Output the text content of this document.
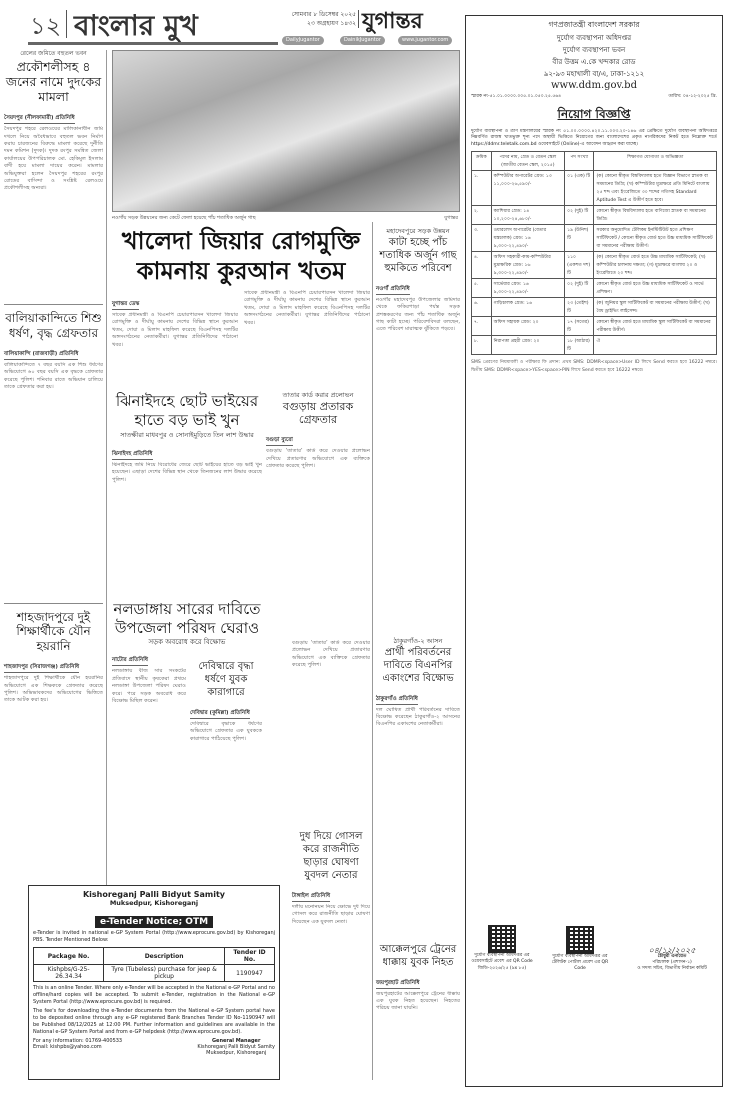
১২ বাংলার মুখ	সোমবার ৮ ডিসেম্বর ২০২৫
২৩ অগ্রহায়ণ ১৪৩২ যুগান্তর
DailyJugantor	DainikJugantor	www.jugantor.com
রেলের জমিতে বহুতল ভবন
প্রকৌশলীসহ ৪ জনের নামে দুদকের মামলা
সৈয়দপুর (নীলফামারী) প্রতিনিধি
সৈয়দপুর শহরে রেলওয়ের মালিকানাধীন জমি দখলে নিয়ে অবৈধভাবে বহুতল ভবন নির্মাণ করায় চারজনের বিরুদ্ধে মামলা করেছে দুর্নীতি দমন কমিশন (দুদক)। দুদক রংপুর সমন্বিত জেলা কার্যালয়ের উপপরিচালক মো. হেকিমুল ইসলাম বাদী হয়ে মামলা দায়ের করেন। মামলার অভিযুক্তরা হলেন সৈয়দপুর শহরের রংপুর রোডের বাসিন্দা ও সংশ্লিষ্ট রেলওয়ে প্রকৌশলীসহ অন্যরা।
বালিয়াকান্দিতে শিশু ধর্ষণ, বৃদ্ধ গ্রেফতার
বালিয়াকান্দি (রাজবাড়ী) প্রতিনিধি
বালিয়াকান্দিতে ৭ বছর বয়সি এক শিশু ধর্ষণের অভিযোগে ৬০ বছর বয়সি এক বৃদ্ধকে গ্রেফতার করেছে পুলিশ। শনিবার রাতে অভিযান চালিয়ে তাকে গ্রেফতার করা হয়।
শাহজাদপুরে দুই শিক্ষার্থীকে যৌন হয়রানি
শাহজাদপুর (সিরাজগঞ্জ) প্রতিনিধি
শাহজাদপুরে দুই শিক্ষার্থীকে যৌন হয়রানির অভিযোগে এক শিক্ষককে গ্রেফতার করেছে পুলিশ। অভিভাবকদের অভিযোগের ভিত্তিতে তাকে আটক করা হয়।
নওগাঁয় সড়ক উন্নয়নের জন্য কেটে ফেলা হয়েছে পাঁচ শতাধিক অর্জুন গাছ	যুগান্তর
খালেদা জিয়ার রোগমুক্তি কামনায় কুরআন খতম
যুগান্তর ডেস্ক
সাবেক প্রধানমন্ত্রী ও বিএনপি চেয়ারপারসন খালেদা জিয়ার রোগমুক্তি ও দীর্ঘায়ু কামনায় দেশের বিভিন্ন স্থানে কুরআন খতম, দোয়া ও মিলাদ মাহফিল করেছে বিএনপিসহ দলটির অঙ্গসংগঠনের নেতাকর্মীরা। যুগান্তর প্রতিনিধিদের পাঠানো খবর।
সাবেক প্রধানমন্ত্রী ও বিএনপি চেয়ারপারসন খালেদা জিয়ার রোগমুক্তি ও দীর্ঘায়ু কামনায় দেশের বিভিন্ন স্থানে কুরআন খতম, দোয়া ও মিলাদ মাহফিল করেছে বিএনপিসহ দলটির অঙ্গসংগঠনের নেতাকর্মীরা। যুগান্তর প্রতিনিধিদের পাঠানো খবর।
ঝিনাইদহে ছোট ভাইয়ের হাতে বড় ভাই খুন
সাতক্ষীরা মাধবপুর ও সোনাইমুড়িতে তিন লাশ উদ্ধার
ঝিনাইদহ প্রতিনিধি
ঝিনাইদহে জমি নিয়ে বিরোধের জেরে ছোট ভাইয়ের হাতে বড় ভাই খুন হয়েছেন। এছাড়া দেশের বিভিন্ন স্থান থেকে তিনজনের লাশ উদ্ধার করেছে পুলিশ।
তাতার কার্ড করার প্রলোভন
বগুড়ায় প্রতারক গ্রেফতার
বগুড়া ব্যুরো
বগুড়ায় ‘তাতার’ কার্ড করে দেওয়ার প্রলোভন দেখিয়ে প্রতারণার অভিযোগে এক ব্যক্তিকে গ্রেফতার করেছে পুলিশ।
নলডাঙ্গায় সারের দাবিতে উপজেলা পরিষদ ঘেরাও
সড়ক অবরোধ করে বিক্ষোভ
নাটোর প্রতিনিধি
নলডাঙ্গায় বীজ সার সংকটের প্রতিবাদে স্থানীয় কৃষকেরা প্রথমে নলডাঙ্গা উপজেলা পরিষদ ঘেরাও করে। পরে সড়ক অবরোধ করে বিক্ষোভ মিছিল করেন।
দেবিদ্বারে বৃদ্ধা ধর্ষণে যুবক কারাগারে
দেবিদ্বার (কুমিল্লা) প্রতিনিধি
দেবিদ্বারে বৃদ্ধাকে ধর্ষণের অভিযোগে গ্রেফতার এক যুবককে কারাগারে পাঠিয়েছে পুলিশ।
দুধ দিয়ে গোসল করে রাজনীতি ছাড়ার ঘোষণা যুবদল নেতার
টাঙ্গাইল প্রতিনিধি
দলীয় মনোনয়ন নিয়ে ক্ষোভে দুধ দিয়ে গোসল করে রাজনীতি ছাড়ার ঘোষণা দিয়েছেন এক যুবদল নেতা।
বগুড়ায় ‘তাতার’ কার্ড করে দেওয়ার প্রলোভন দেখিয়ে প্রতারণার অভিযোগে এক ব্যক্তিকে গ্রেফতার করেছে পুলিশ।
Kishoreganj Palli Bidyut Samity
Muksedpur, Kishoreganj
e-Tender Notice; OTM
e-Tender is invited in national e-GP System Portal (http://www.eprocure.gov.bd) by Kishoreganj PBS. Tender Mentioned Below:
Package No.	Description	Tender ID No.
Kishpbs/G-25-26.34.34	Tyre (Tubeless) purchase for jeep & pickup	1190947
This is an online Tender. Where only e-Tender will be accepted in the National e-GP Portal and no offline/hard copies will be accepted. To submit e-Tender, registration in the National e-GP System Portal (http://www.eprocure.gov.bd) is required.
The fee's for downloading the e-Tender documents from the National e-GP System portal have to be deposited online through any e-GP registered Bank Branches Tender ID No-1190947 will be Published 08/12/2025 at 12:00 PM. Further information and guidelines are available in the National e-GP System Portal and from e-GP helpdesk (http://www.eprocure.gov.bd).
For any information: 01769-400533
Email: kishpbs@yahoo.com
General Manager
Kishoreganj Palli Bidyut Samity
Muksedpur, Kishoreganj
মহাদেবপুরে সড়ক উন্নয়ন
কাটা হচ্ছে পাঁচ শতাধিক অর্জুন গাছ হুমকিতে পরিবেশ
নওগাঁ প্রতিনিধি
নওগাঁর মহাদেবপুর উপজেলার জমিদার থেকে ফকিরপাড়া পর্যন্ত সড়ক প্রশস্তকরণের জন্য পাঁচ শতাধিক অর্জুন গাছ কাটা হচ্ছে। পরিবেশবিদরা বলছেন, এতে পরিবেশ মারাত্মক ঝুঁকিতে পড়বে।
ঠাকুরগাঁও-২ আসন
প্রার্থী পরিবর্তনের দাবিতে বিএনপির একাংশের বিক্ষোভ
ঠাকুরগাঁও প্রতিনিধি
দল ঘোষিত প্রার্থী পরিবর্তনের দাবিতে বিক্ষোভ করেছেন ঠাকুরগাঁও-২ আসনের বিএনপির একাংশের নেতাকর্মীরা।
আক্কেলপুরে ট্রেনের ধাক্কায় যুবক নিহত
জয়পুরহাট প্রতিনিধি
জয়পুরহাটের আক্কেলপুরে ট্রেনের ধাক্কায় এক যুবক নিহত হয়েছেন। নিহতের পরিচয় জানা যায়নি।
গণপ্রজাতন্ত্রী বাংলাদেশ সরকার
দুর্যোগ ব্যবস্থাপনা অধিদপ্তর
দুর্যোগ ব্যবস্থাপনা ভবন
বীর উত্তম এ.কে খন্দকার রোড
৯২-৯৩ মহাখালী বা/এ, ঢাকা-১২১২
www.ddm.gov.bd
স্মারক নং-৫১.০১.০০০০.০০৫.০১.০৫০.২৫.৫৬৪	তারিখ: ০৪-১২-২০২৫ খ্রি.
নিয়োগ বিজ্ঞপ্তি
দুর্যোগ ব্যবস্থাপনা ও ত্রাণ মন্ত্রণালয়ের স্মারক নং ৫১.০০.০০০০.৪২০.১১.০০৩.২০-১৪৬ এর প্রেক্ষিতে দুর্যোগ ব্যবস্থাপনা অধিদপ্তরে নিম্নবর্ণিত রাজস্ব খাতভুক্ত শূন্য পদে অস্থায়ী ভিত্তিতে নিয়োগের জন্য বাংলাদেশের প্রকৃত নাগরিকদের নিকট হতে নিম্নোক্ত শর্তে https://ddmr.teletalk.com.bd ওয়েবসাইটে (Online)-এ আবেদন আহ্বান করা যাচ্ছে।
ক্রমিক	পদের নাম, গ্রেড ও বেতন স্কেল (জাতীয় বেতন স্কেল, ২০১৫)	পদ সংখ্যা	শিক্ষাগত যোগ্যতা ও অভিজ্ঞতা
১.	কম্পিউটার অপারেটর গ্রেড: ১৩ ১১,০০০-২৬,৫৯০/-	০১ (এক) টি	(ক) কোনো স্বীকৃত বিশ্ববিদ্যালয় হতে বিজ্ঞান বিভাগে স্নাতক বা সমমানের ডিগ্রি; (খ) কম্পিউটার মুদ্রাক্ষরে প্রতি মিনিটে বাংলায় ২৫ শব্দ এবং ইংরেজিতে ৩০ শব্দের গতিসহ Standard Aptitude Test এ উত্তীর্ণ হতে হবে।
২.	ক্যাশিয়ার গ্রেড: ১৪ ১০,২০০-২৪,৬৮০/-	০২ (দুই) টি	কোনো স্বীকৃত বিশ্ববিদ্যালয় হতে বাণিজ্যে স্নাতক বা সমমানের ডিগ্রি।
৩.	ওয়ারলেস অপারেটর (বেতার যন্ত্রচালক) গ্রেড: ১৬ ৯,৩০০-২২,৪৯০/-	১৯ (উনিশ) টি	সরকার অনুমোদিত টেলিকম ইনস্টিটিউট হতে প্রশিক্ষণ সার্টিফিকেট / কোনো স্বীকৃত বোর্ড হতে উচ্চ মাধ্যমিক সার্টিফিকেট বা সমমানের পরীক্ষায় উত্তীর্ণ।
৪.	অফিস সহকারী-কাম-কম্পিউটার মুদ্রাক্ষরিক গ্রেড: ১৬ ৯,৩০০-২২,৪৯০/-	১১০ (একশত দশ) টি	(ক) কোনো স্বীকৃত বোর্ড হতে উচ্চ মাধ্যমিক সার্টিফিকেট; (খ) কম্পিউটার চালনায় দক্ষতা; (গ) মুদ্রাক্ষরে বাংলায় ২০ ও ইংরেজিতে ২০ শব্দ।
৫.	সার্ভেয়ার গ্রেড: ১৬ ৯,৩০০-২২,৪৯০/-	০২ (দুই) টি	কোনো স্বীকৃত বোর্ড হতে উচ্চ মাধ্যমিক সার্টিফিকেট ও সার্ভে প্রশিক্ষণ।
৬.	গাড়িচালক গ্রেড: ১৬	২৩ (তেইশ) টি	(ক) জুনিয়র স্কুল সার্টিফিকেট বা সমমানের পরীক্ষায় উত্তীর্ণ; (খ) বৈধ ড্রাইভিং লাইসেন্স।
৭.	অফিস সহায়ক গ্রেড: ২০	১৭ (সতের) টি	কোনো স্বীকৃত বোর্ড হতে মাধ্যমিক স্কুল সার্টিফিকেট বা সমমানের পরীক্ষায় উত্তীর্ণ।
৮.	নিরাপত্তা প্রহরী গ্রেড: ২০	১৮ (আঠার) টি	ঐ
SMS প্রেরণের নিয়মাবলী ও পরীক্ষার ফি প্রদান: প্রথম SMS: DDMR<space>User ID লিখে Send করতে হবে 16222 নম্বরে। দ্বিতীয় SMS: DDMR<space>YES<space>PIN লিখে Send করতে হবে 16222 নম্বরে।
দুর্যোগ ব্যবস্থাপনা অধিদপ্তর এর ওয়েবসাইটে প্রবেশ এর QR Code
জিডি-২৫২৬/২৫ (৯x ৮৫)
দুর্যোগ ব্যবস্থাপনা অধিদপ্তর এর টেলিটক পোর্টাল প্রবেশ এর QR Code
০৪/১২/২০২৫
চৌধুরী এনায়েত
পরিচালক (প্রশাসন-১)
ও সদস্য সচিব, বিভাগীয় নির্বাচন কমিটি
